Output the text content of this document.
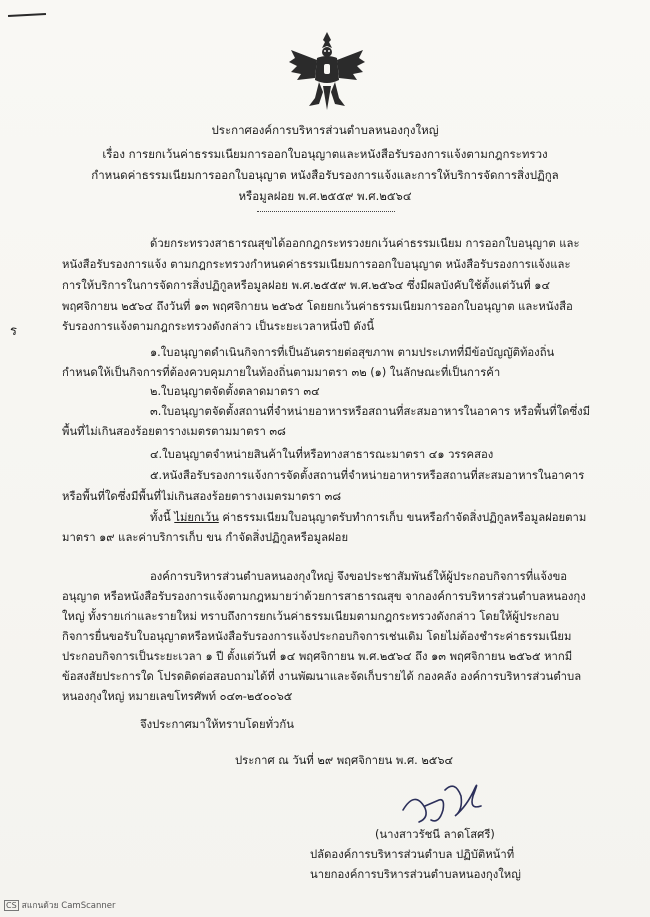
ประกาศองค์การบริหารส่วนตำบลหนองกุงใหญ่
เรื่อง การยกเว้นค่าธรรมเนียมการออกใบอนุญาตและหนังสือรับรองการแจ้งตามกฎกระทรวง
กำหนดค่าธรรมเนียมการออกใบอนุญาต หนังสือรับรองการแจ้งและการให้บริการจัดการสิ่งปฏิกูล
หรือมูลฝอย พ.ศ.๒๕๕๙ พ.ศ.๒๕๖๔
ร
ด้วยกระทรวงสาธารณสุขได้ออกกฎกระทรวงยกเว้นค่าธรรมเนียม การออกใบอนุญาต และ
หนังสือรับรองการแจ้ง ตามกฎกระทรวงกำหนดค่าธรรมเนียมการออกใบอนุญาต หนังสือรับรองการแจ้งและ
การให้บริการในการจัดการสิ่งปฏิกูลหรือมูลฝอย พ.ศ.๒๕๕๙ พ.ศ.๒๕๖๔ ซึ่งมีผลบังคับใช้ตั้งแต่วันที่ ๑๔
พฤศจิกายน ๒๕๖๔ ถึงวันที่ ๑๓ พฤศจิกายน ๒๕๖๕ โดยยกเว้นค่าธรรมเนียมการออกใบอนุญาต และหนังสือ
รับรองการแจ้งตามกฎกระทรวงดังกล่าว เป็นระยะเวลาหนึ่งปี ดังนี้
๑.ใบอนุญาตดำเนินกิจการที่เป็นอันตรายต่อสุขภาพ ตามประเภทที่มีข้อบัญญัติท้องถิ่น
กำหนดให้เป็นกิจการที่ต้องควบคุมภายในท้องถิ่นตามมาตรา ๓๒ (๑) ในลักษณะที่เป็นการค้า
๒.ใบอนุญาตจัดตั้งตลาดมาตรา ๓๔
๓.ใบอนุญาตจัดตั้งสถานที่จำหน่ายอาหารหรือสถานที่สะสมอาหารในอาคาร หรือพื้นที่ใดซึ่งมี
พื้นที่ไม่เกินสองร้อยตารางเมตรตามมาตรา ๓๘
๔.ใบอนุญาตจำหน่ายสินค้าในที่หรือทางสาธารณะมาตรา ๔๑ วรรคสอง
๕.หนังสือรับรองการแจ้งการจัดตั้งสถานที่จำหน่ายอาหารหรือสถานที่สะสมอาหารในอาคาร
หรือพื้นที่ใดซึ่งมีพื้นที่ไม่เกินสองร้อยตารางเมตรมาตรา ๓๘
ทั้งนี้ ไม่ยกเว้น ค่าธรรมเนียมใบอนุญาตรับทำการเก็บ ขนหรือกำจัดสิ่งปฏิกูลหรือมูลฝอยตาม
มาตรา ๑๙ และค่าบริการเก็บ ขน กำจัดสิ่งปฏิกูลหรือมูลฝอย
องค์การบริหารส่วนตำบลหนองกุงใหญ่ จึงขอประชาสัมพันธ์ให้ผู้ประกอบกิจการที่แจ้งขอ
อนุญาต หรือหนังสือรับรองการแจ้งตามกฎหมายว่าด้วยการสาธารณสุข จากองค์การบริหารส่วนตำบลหนองกุง
ใหญ่ ทั้งรายเก่าและรายใหม่ ทราบถึงการยกเว้นค่าธรรมเนียมตามกฎกระทรวงดังกล่าว โดยให้ผู้ประกอบ
กิจการยื่นขอรับใบอนุญาตหรือหนังสือรับรองการแจ้งประกอบกิจการเช่นเดิม โดยไม่ต้องชำระค่าธรรมเนียม
ประกอบกิจการเป็นระยะเวลา ๑ ปี ตั้งแต่วันที่ ๑๔ พฤศจิกายน พ.ศ.๒๕๖๔ ถึง ๑๓ พฤศจิกายน ๒๕๖๕ หากมี
ข้อสงสัยประการใด โปรดติดต่อสอบถามได้ที่ งานพัฒนาและจัดเก็บรายได้ กองคลัง องค์การบริหารส่วนตำบล
หนองกุงใหญ่ หมายเลขโทรศัพท์ ๐๔๓-๒๕๐๐๖๕
จึงประกาศมาให้ทราบโดยทั่วกัน
ประกาศ ณ วันที่ ๒๙ พฤศจิกายน พ.ศ. ๒๕๖๔
(นางสาวรัชนี ลาดโสศรี)
ปลัดองค์การบริหารส่วนตำบล ปฏิบัติหน้าที่
นายกองค์การบริหารส่วนตำบลหนองกุงใหญ่
CS สแกนด้วย CamScanner
